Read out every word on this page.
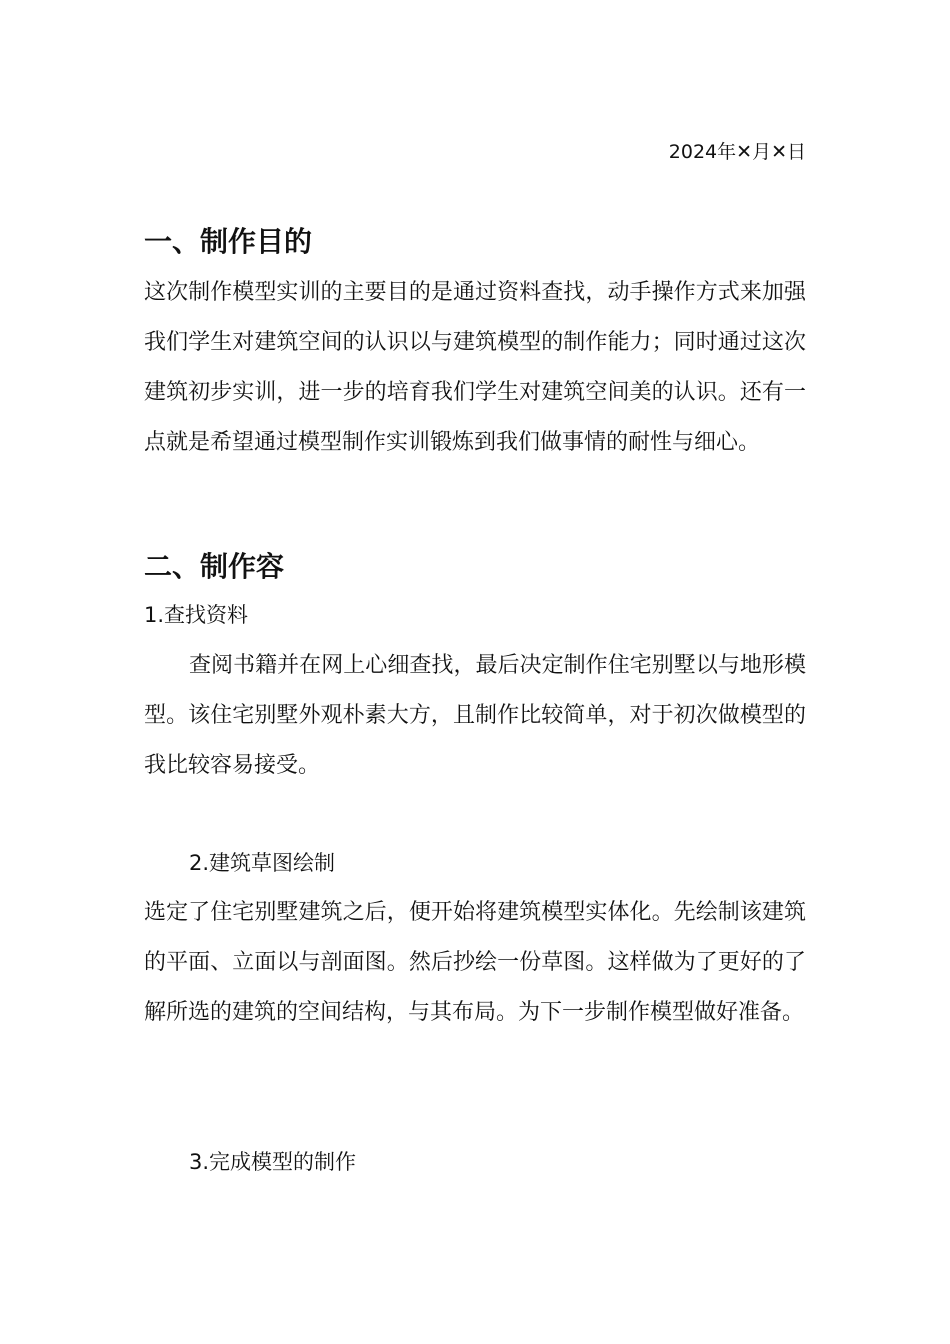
2024年✕月✕日
一、制作目的

这次制作模型实训的主要目的是通过资料查找，动手操作方式来加强我们学生对建筑空间的认识以与建筑模型的制作能力；同时通过这次建筑初步实训，进一步的培育我们学生对建筑空间美的认识。还有一点就是希望通过模型制作实训锻炼到我们做事情的耐性与细心。

二、制作容
1.查找资料

查阅书籍并在网上心细查找，最后决定制作住宅别墅以与地形模型。该住宅别墅外观朴素大方，且制作比较简单，对于初次做模型的我比较容易接受。

2.建筑草图绘制

选定了住宅别墅建筑之后，便开始将建筑模型实体化。先绘制该建筑的平面、立面以与剖面图。然后抄绘一份草图。这样做为了更好的了解所选的建筑的空间结构，与其布局。为下一步制作模型做好准备。

3.完成模型的制作
